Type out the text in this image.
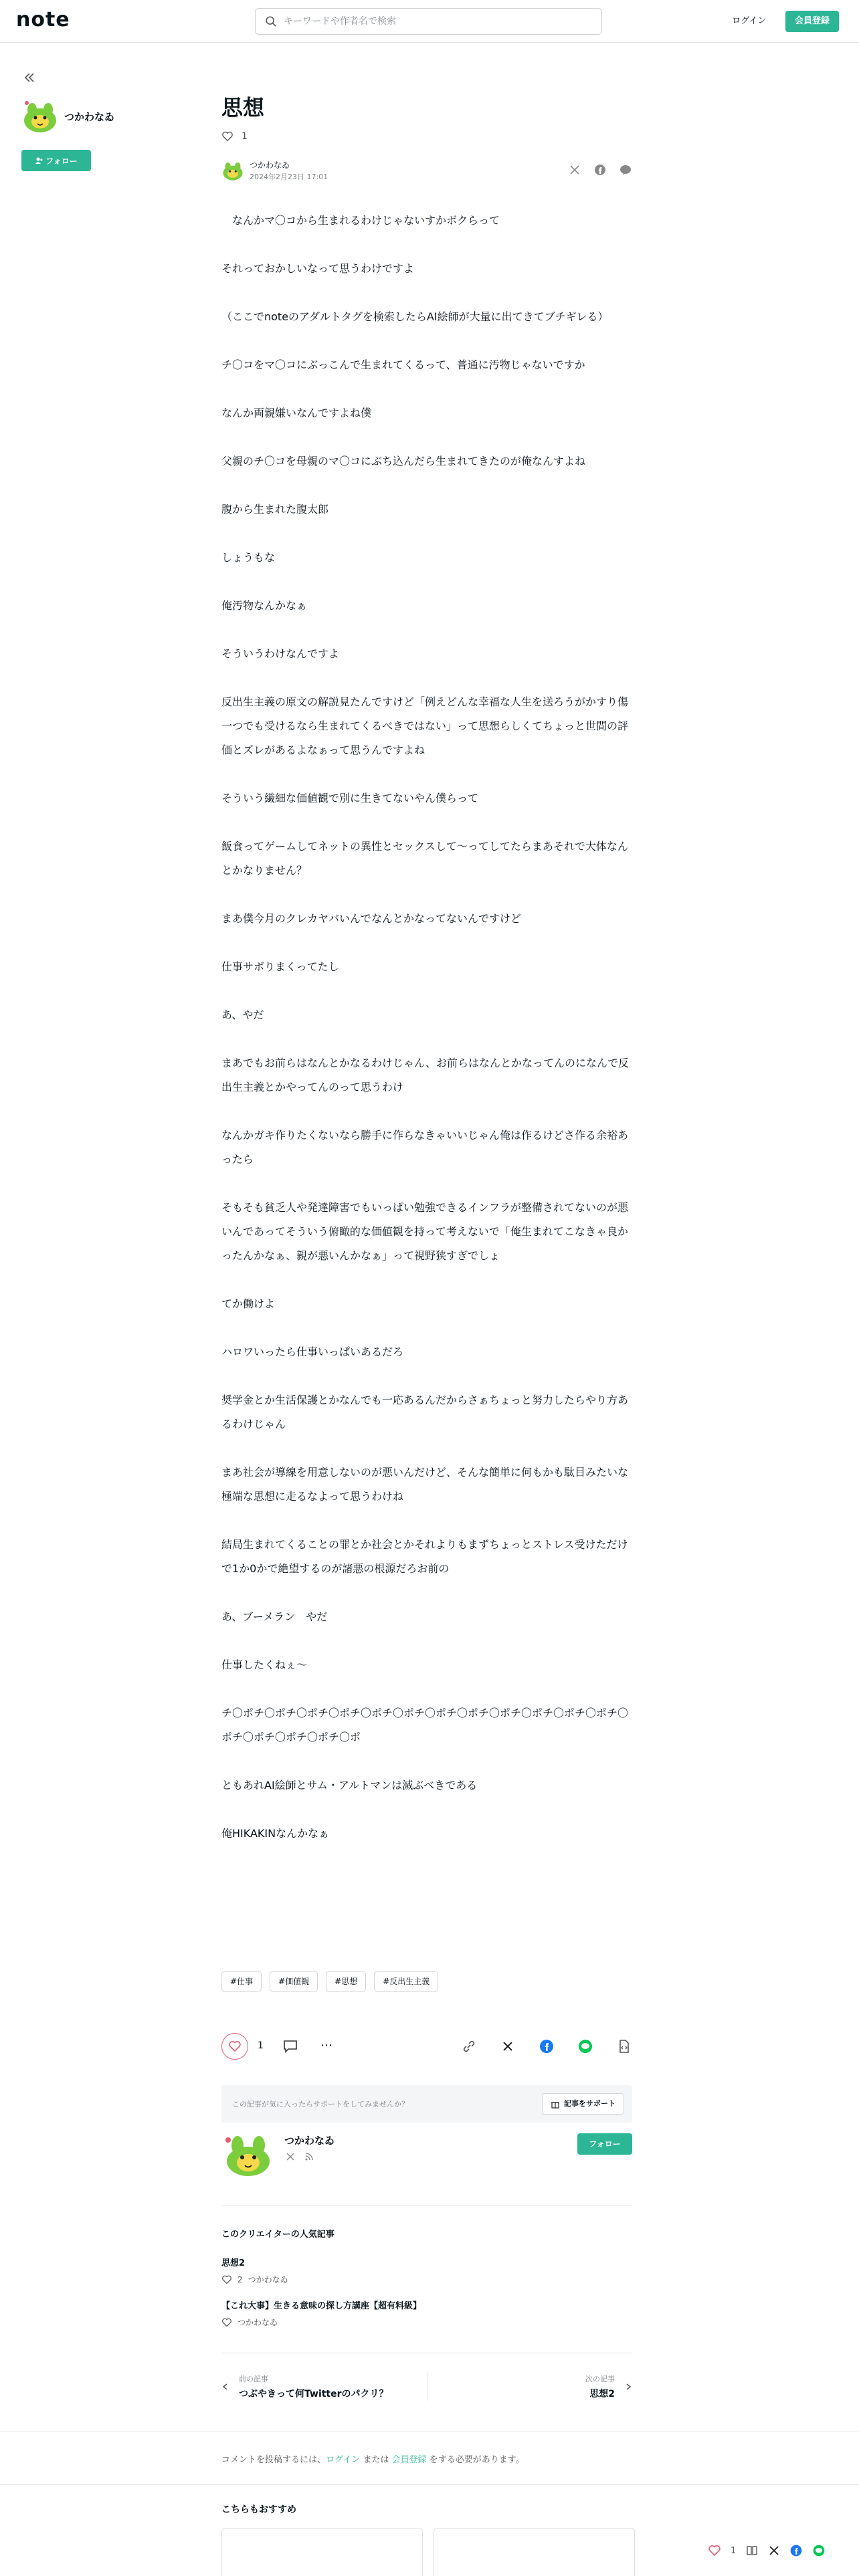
note
キーワードや作者名で検索	ログイン	会員登録
つかわなゐ
フォロー
思想
1
つかわなゐ
2024年2月23日 17:01

　なんかマ〇コから生まれるわけじゃないすかボクらって

それっておかしいなって思うわけですよ

（ここでnoteのアダルトタグを検索したらAI絵師が大量に出てきてブチギレる）

チ〇コをマ〇コにぶっこんで生まれてくるって、普通に汚物じゃないですか

なんか両親嫌いなんですよね僕

父親のチ〇コを母親のマ〇コにぶち込んだら生まれてきたのが俺なんすよね

腹から生まれた腹太郎

しょうもな

俺汚物なんかなぁ

そういうわけなんですよ

反出生主義の原文の解説見たんですけど「例えどんな幸福な人生を送ろうがかすり傷一つでも受けるなら生まれてくるべきではない」って思想らしくてちょっと世間の評価とズレがあるよなぁって思うんですよね

そういう繊細な価値観で別に生きてないやん僕らって

飯食ってゲームしてネットの異性とセックスして〜ってしてたらまあそれで大体なんとかなりません？

まあ僕今月のクレカヤバいんでなんとかなってないんですけど

仕事サボりまくってたし

あ、やだ

まあでもお前らはなんとかなるわけじゃん、お前らはなんとかなってんのになんで反出生主義とかやってんのって思うわけ

なんかガキ作りたくないなら勝手に作らなきゃいいじゃん俺は作るけどさ作る余裕あったら

そもそも貧乏人や発達障害でもいっぱい勉強できるインフラが整備されてないのが悪いんであってそういう俯瞰的な価値観を持って考えないで「俺生まれてこなきゃ良かったんかなぁ、親が悪いんかなぁ」って視野狭すぎでしょ

てか働けよ

ハロワいったら仕事いっぱいあるだろ

奨学金とか生活保護とかなんでも一応あるんだからさぁちょっと努力したらやり方あるわけじゃん

まあ社会が導線を用意しないのが悪いんだけど、そんな簡単に何もかも駄目みたいな極端な思想に走るなよって思うわけね

結局生まれてくることの罪とか社会とかそれよりもまずちょっとストレス受けただけで1か0かで絶望するのが諸悪の根源だろお前の

あ、ブーメラン　やだ

仕事したくねぇ〜

チ〇ポチ〇ポチ〇ポチ〇ポチ〇ポチ〇ポチ〇ポチ〇ポチ〇ポチ〇ポチ〇ポチ〇ポチ〇ポチ〇ポチ〇ポチ〇ポチ〇ポ

ともあれAI絵師とサム・アルトマンは滅ぶべきである

俺HIKAKINなんかなぁ

#仕事	#価値観	#思想	#反出生主義
1	⋯
この記事が気に入ったらサポートをしてみませんか？	記事をサポート
つかわなゐ	フォロー
このクリエイターの人気記事
思想2
2 つかわなゐ
【これ大事】生きる意味の探し方講座【超有料級】
つかわなゐ
前の記事
つぶやきって何Twitterのパクリ？
次の記事
思想2
コメントを投稿するには、ログイン または 会員登録 をする必要があります。
こちらもおすすめ
1
